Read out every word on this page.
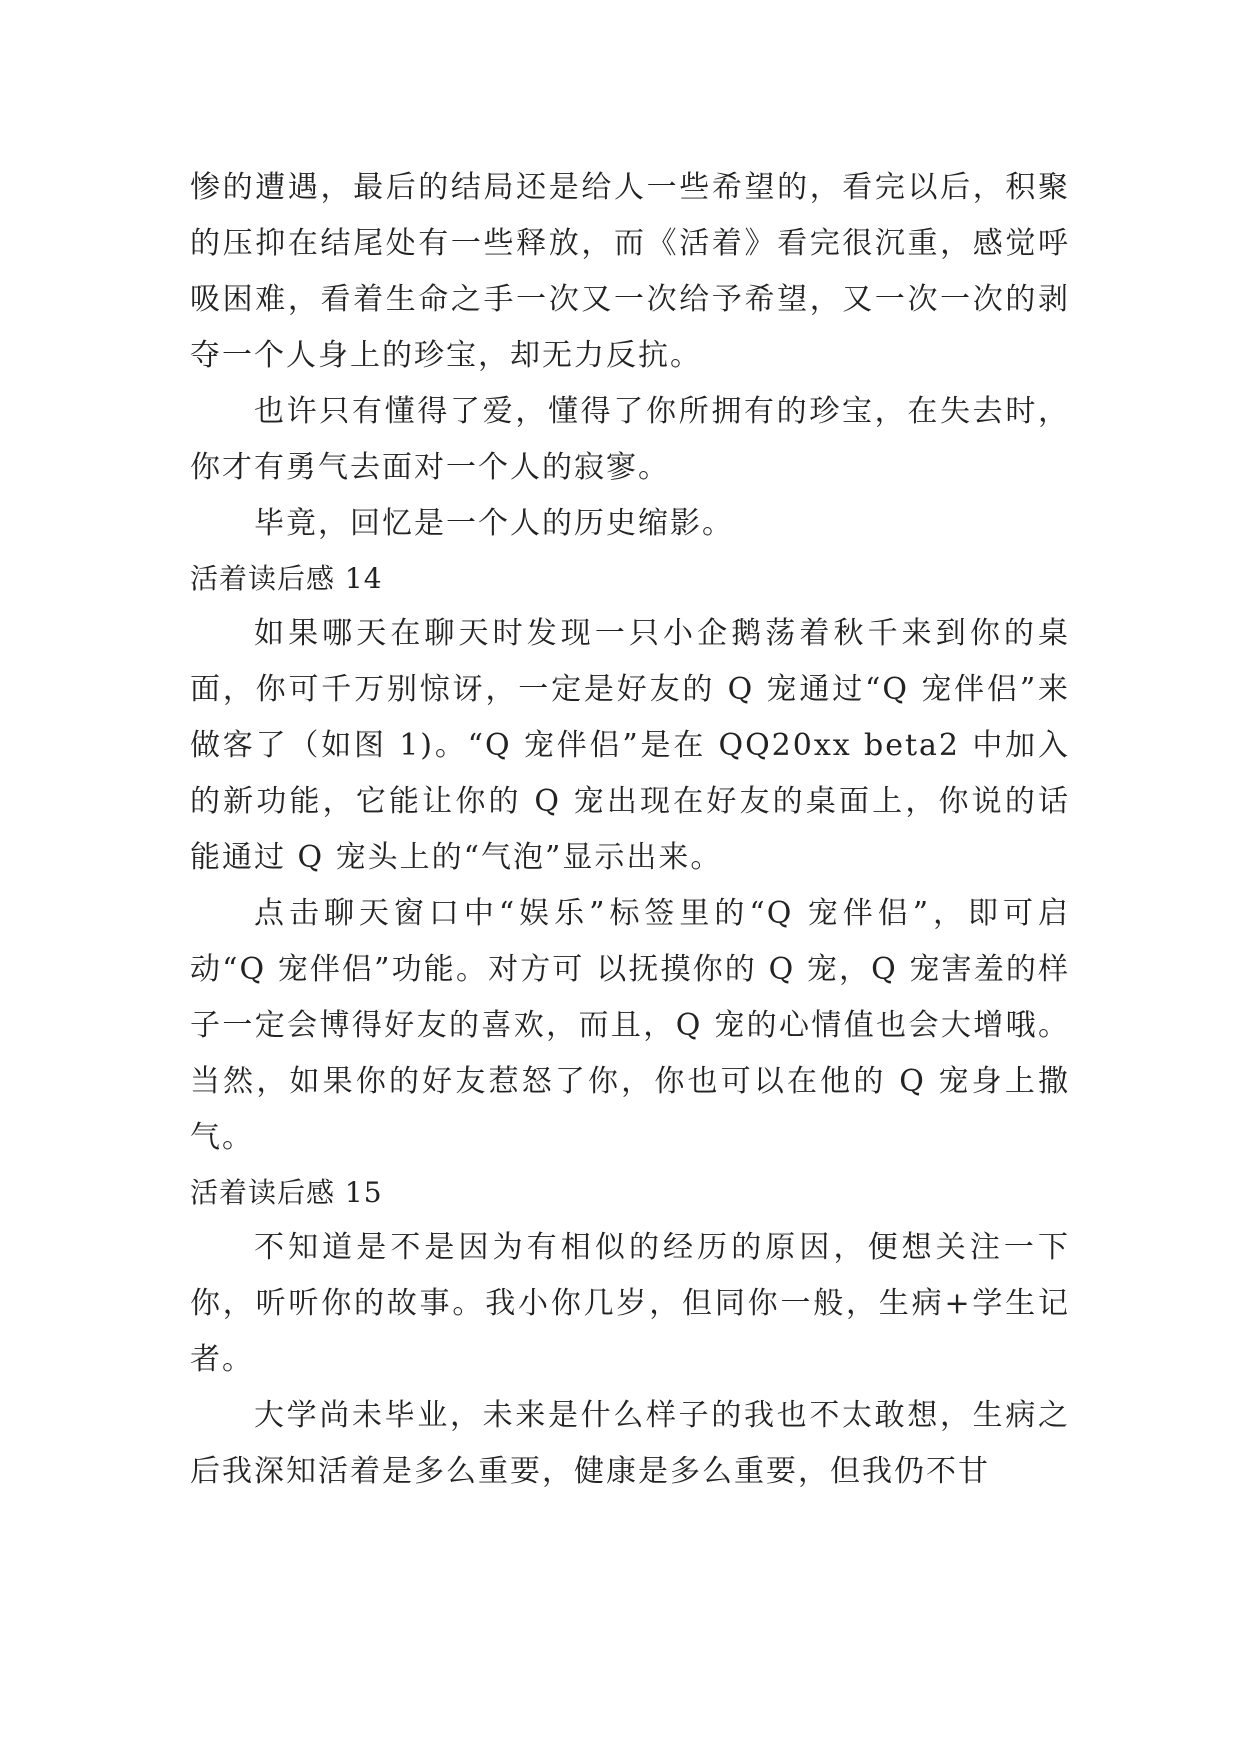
惨的遭遇，最后的结局还是给人一些希望的，看完以后，积聚的压抑在结尾处有一些释放，而《活着》看完很沉重，感觉呼吸困难，看着生命之手一次又一次给予希望，又一次一次的剥夺一个人身上的珍宝，却无力反抗。

也许只有懂得了爱，懂得了你所拥有的珍宝，在失去时，你才有勇气去面对一个人的寂寥。

毕竟，回忆是一个人的历史缩影。

活着读后感 14

如果哪天在聊天时发现一只小企鹅荡着秋千来到你的桌面，你可千万别惊讶，一定是好友的 Q 宠通过“Q 宠伴侣”来做客了（如图 1)。“Q 宠伴侣”是在 QQ20xx beta2 中加入的新功能，它能让你的 Q 宠出现在好友的桌面上，你说的话能通过 Q 宠头上的“气泡”显示出来。

点击聊天窗口中“娱乐”标签里的“Q 宠伴侣”，即可启动“Q 宠伴侣”功能。对方可 以抚摸你的 Q 宠，Q 宠害羞的样子一定会博得好友的喜欢，而且，Q 宠的心情值也会大增哦。当然，如果你的好友惹怒了你，你也可以在他的 Q 宠身上撒气。

活着读后感 15

不知道是不是因为有相似的经历的原因，便想关注一下你，听听你的故事。我小你几岁，但同你一般，生病+学生记者。

大学尚未毕业，未来是什么样子的我也不太敢想，生病之后我深知活着是多么重要，健康是多么重要，但我仍不甘
